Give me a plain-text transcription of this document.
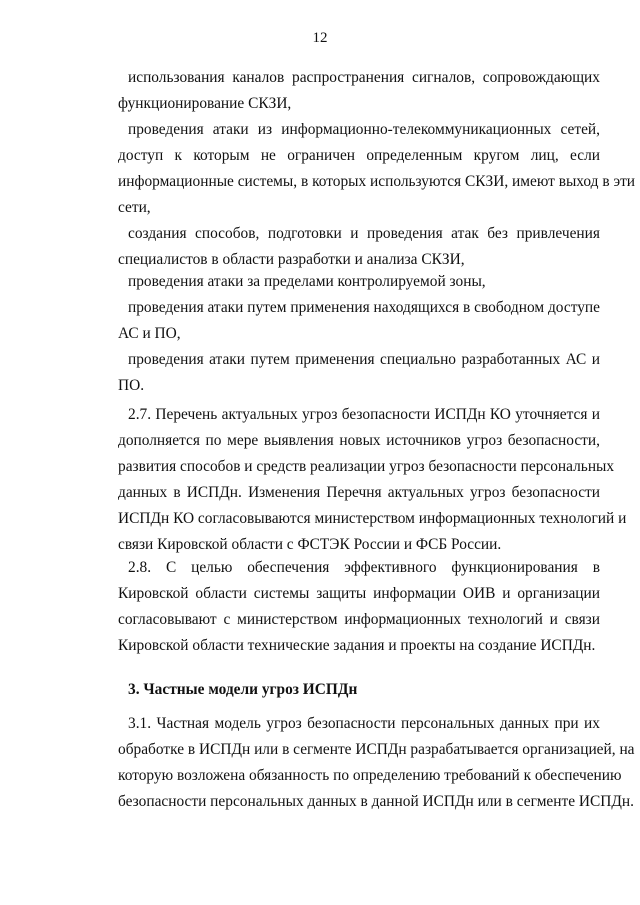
12
использования каналов распространения сигналов, сопровождающих
функционирование СКЗИ,
проведения атаки из информационно-телекоммуникационных сетей,
доступ к которым не ограничен определенным кругом лиц, если
информационные системы, в которых используются СКЗИ, имеют выход в эти
сети,
создания способов, подготовки и проведения атак без привлечения
специалистов в области разработки и анализа СКЗИ,
проведения атаки за пределами контролируемой зоны,
проведения атаки путем применения находящихся в свободном доступе
АС и ПО,
проведения атаки путем применения специально разработанных АС и
ПО.
2.7. Перечень актуальных угроз безопасности ИСПДн КО уточняется и
дополняется по мере выявления новых источников угроз безопасности,
развития способов и средств реализации угроз безопасности персональных
данных в ИСПДн. Изменения Перечня актуальных угроз безопасности
ИСПДн КО согласовываются министерством информационных технологий и
связи Кировской области с ФСТЭК России и ФСБ России.
2.8. С целью обеспечения эффективного функционирования в
Кировской области системы защиты информации ОИВ и организации
согласовывают с министерством информационных технологий и связи
Кировской области технические задания и проекты на создание ИСПДн.
3. Частные модели угроз ИСПДн
3.1. Частная модель угроз безопасности персональных данных при их
обработке в ИСПДн или в сегменте ИСПДн разрабатывается организацией, на
которую возложена обязанность по определению требований к обеспечению
безопасности персональных данных в данной ИСПДн или в сегменте ИСПДн.
